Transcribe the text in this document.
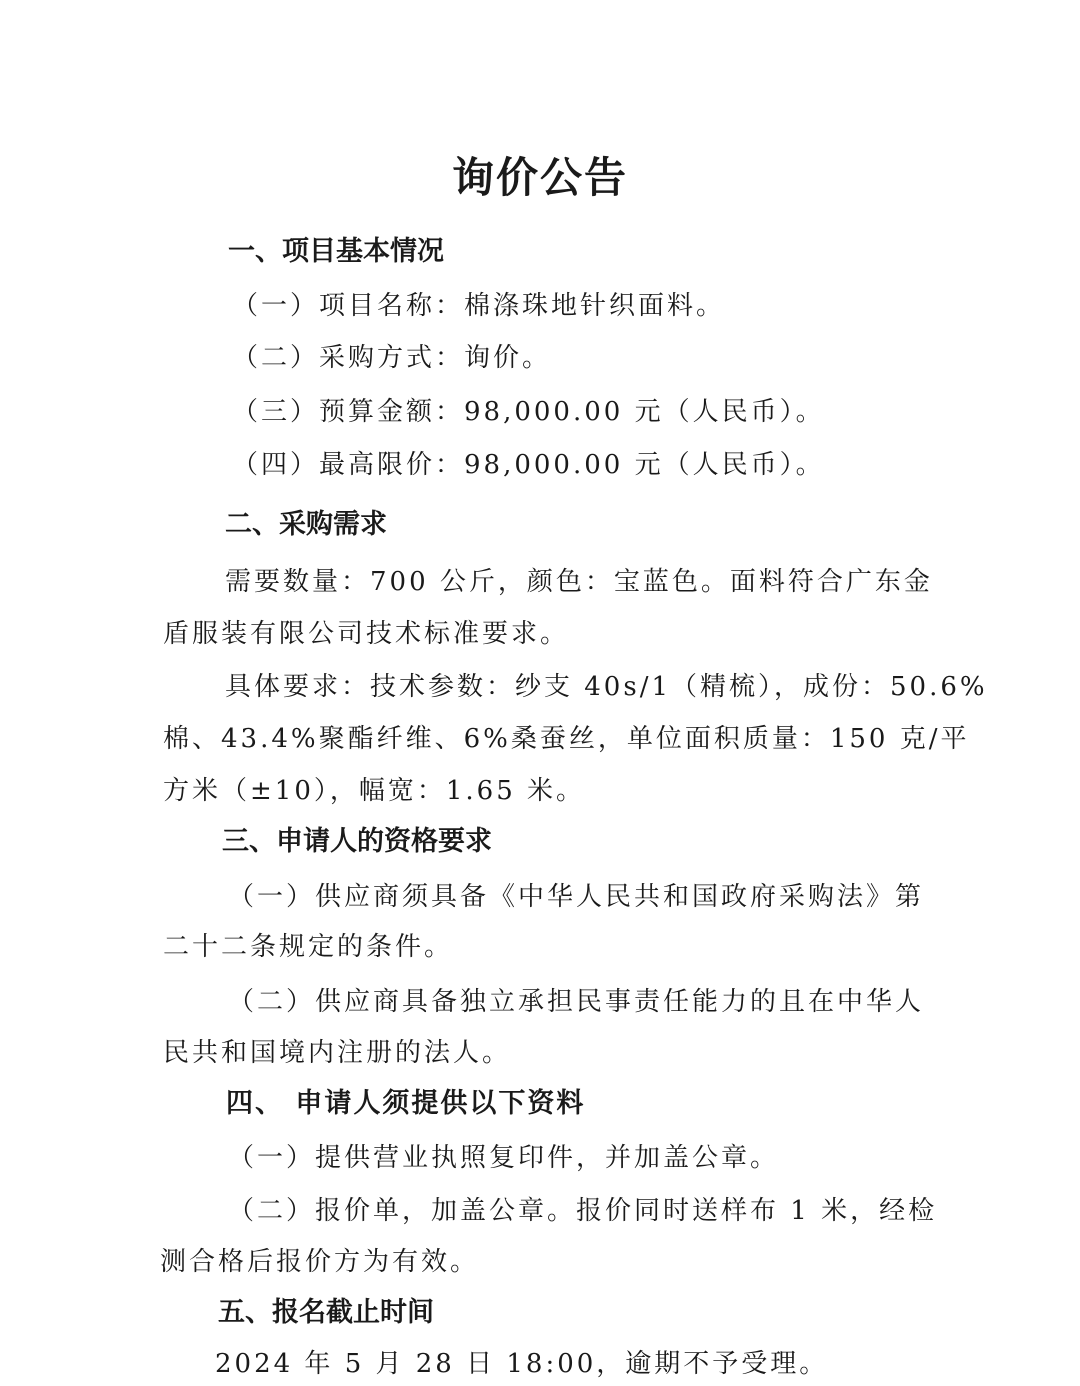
询价公告
一、项目基本情况
（一）项目名称：棉涤珠地针织面料。
（二）采购方式：询价。
（三）预算金额：98,000.00 元（人民币）。
（四）最高限价：98,000.00 元（人民币）。
二、采购需求
需要数量：700 公斤，颜色：宝蓝色。面料符合广东金
盾服装有限公司技术标准要求。
具体要求：技术参数：纱支 40s/1（精梳），成份：50.6%
棉、43.4%聚酯纤维、6%桑蚕丝，单位面积质量：150 克/平
方米（±10），幅宽：1.65 米。
三、申请人的资格要求
（一）供应商须具备《中华人民共和国政府采购法》第
二十二条规定的条件。
（二）供应商具备独立承担民事责任能力的且在中华人
民共和国境内注册的法人。
四、 申请人须提供以下资料
（一）提供营业执照复印件，并加盖公章。
（二）报价单，加盖公章。报价同时送样布 1 米，经检
测合格后报价方为有效。
五、报名截止时间
2024 年 5 月 28 日 18:00，逾期不予受理。
